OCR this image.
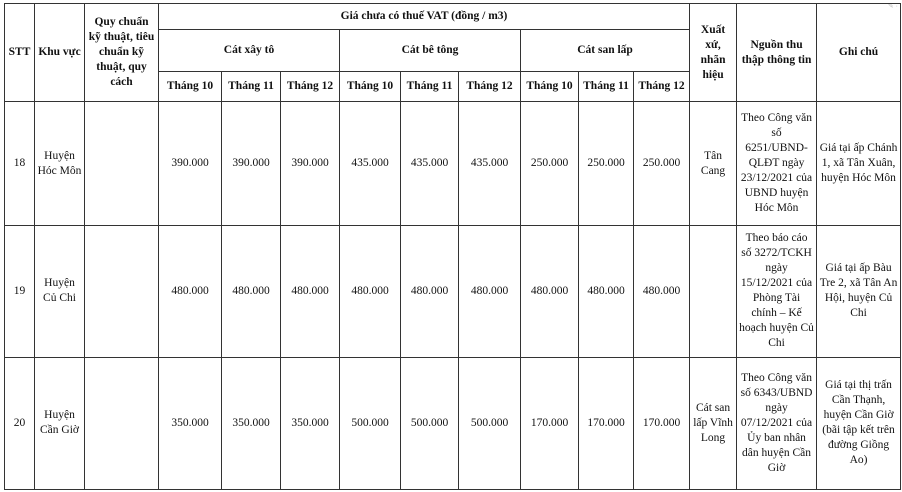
✎ ·
STT	Khu vực	Quy chuẩn kỹ thuật, tiêu chuẩn kỹ thuật, quy cách	Giá chưa có thuế VAT (đồng / m3)									Xuất xứ, nhãn hiệu	Nguồn thu thập thông tin	Ghi chú
			Cát xây tô			Cát bê tông			Cát san lấp					
			Tháng 10	Tháng 11	Tháng 12	Tháng 10	Tháng 11	Tháng 12	Tháng 10	Tháng 11	Tháng 12			
18	Huyện Hóc Môn		390.000	390.000	390.000	435.000	435.000	435.000	250.000	250.000	250.000	Tân Cang	Theo Công văn số 6251/UBND-QLĐT ngày 23/12/2021 của UBND huyện Hóc Môn	Giá tại ấp Chánh 1, xã Tân Xuân, huyện Hóc Môn
19	Huyện Củ Chi		480.000	480.000	480.000	480.000	480.000	480.000	480.000	480.000	480.000		Theo báo cáo số 3272/TCKH ngày 15/12/2021 của Phòng Tài chính – Kế hoạch huyện Củ Chi	Giá tại ấp Bàu Tre 2, xã Tân An Hội, huyện Củ Chi
20	Huyện Cần Giờ		350.000	350.000	350.000	500.000	500.000	500.000	170.000	170.000	170.000	Cát san lấp Vĩnh Long	Theo Công văn số 6343/UBND ngày 07/12/2021 của Ủy ban nhân dân huyện Cần Giờ	Giá tại thị trấn Cần Thạnh, huyện Cần Giờ (bãi tập kết trên đường Giồng Ao)
